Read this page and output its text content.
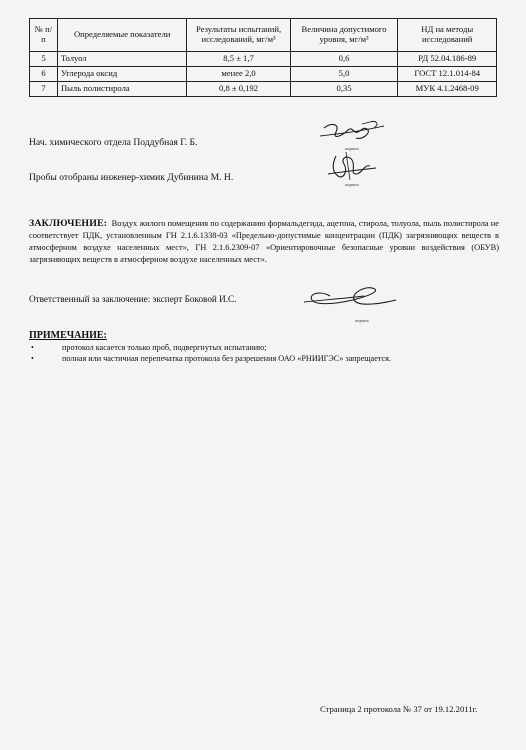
№ п/п	Определяемые показатели	Результаты испытаний, исследований, мг/м³	Величина допустимого уровня, мг/м³	НД на методы исследований
5	Толуол	8,5 ± 1,7	0,6	РД 52.04.186-89
6	Углерода оксид	менее 2,0	5,0	ГОСТ 12.1.014-84
7	Пыль полистирола	0,8 ± 0,192	0,35	МУК 4.1.2468-09
Нач. химического отдела Поддубная Г. Б.
подпись
Пробы отобраны инженер-химик Дубинина М. Н.
подпись
ЗАКЛЮЧЕНИЕ: Воздух жилого помещения по содержанию формальдегида, ацетона, стирола, толуола, пыль полистирола не соответствует ПДК, установленным ГН 2.1.6.1338-03 «Предельно-допустимые концентрации (ПДК) загрязняющих веществ в атмосферном воздухе населенных мест», ГН 2.1.6.2309-07 «Ориентировочные безопасные уровни воздействия (ОБУВ) загрязняющих веществ в атмосферном воздухе населенных мест».
Ответственный за заключение: эксперт Боковой И.С.
подпись
ПРИМЕЧАНИЕ:
•	протокол касается только проб, подвергнутых испытанию;
•	полная или частичная перепечатка протокола без разрешения ОАО «РНИИГЭС» запрещается.
Страница 2 протокола № 37 от 19.12.2011г.
